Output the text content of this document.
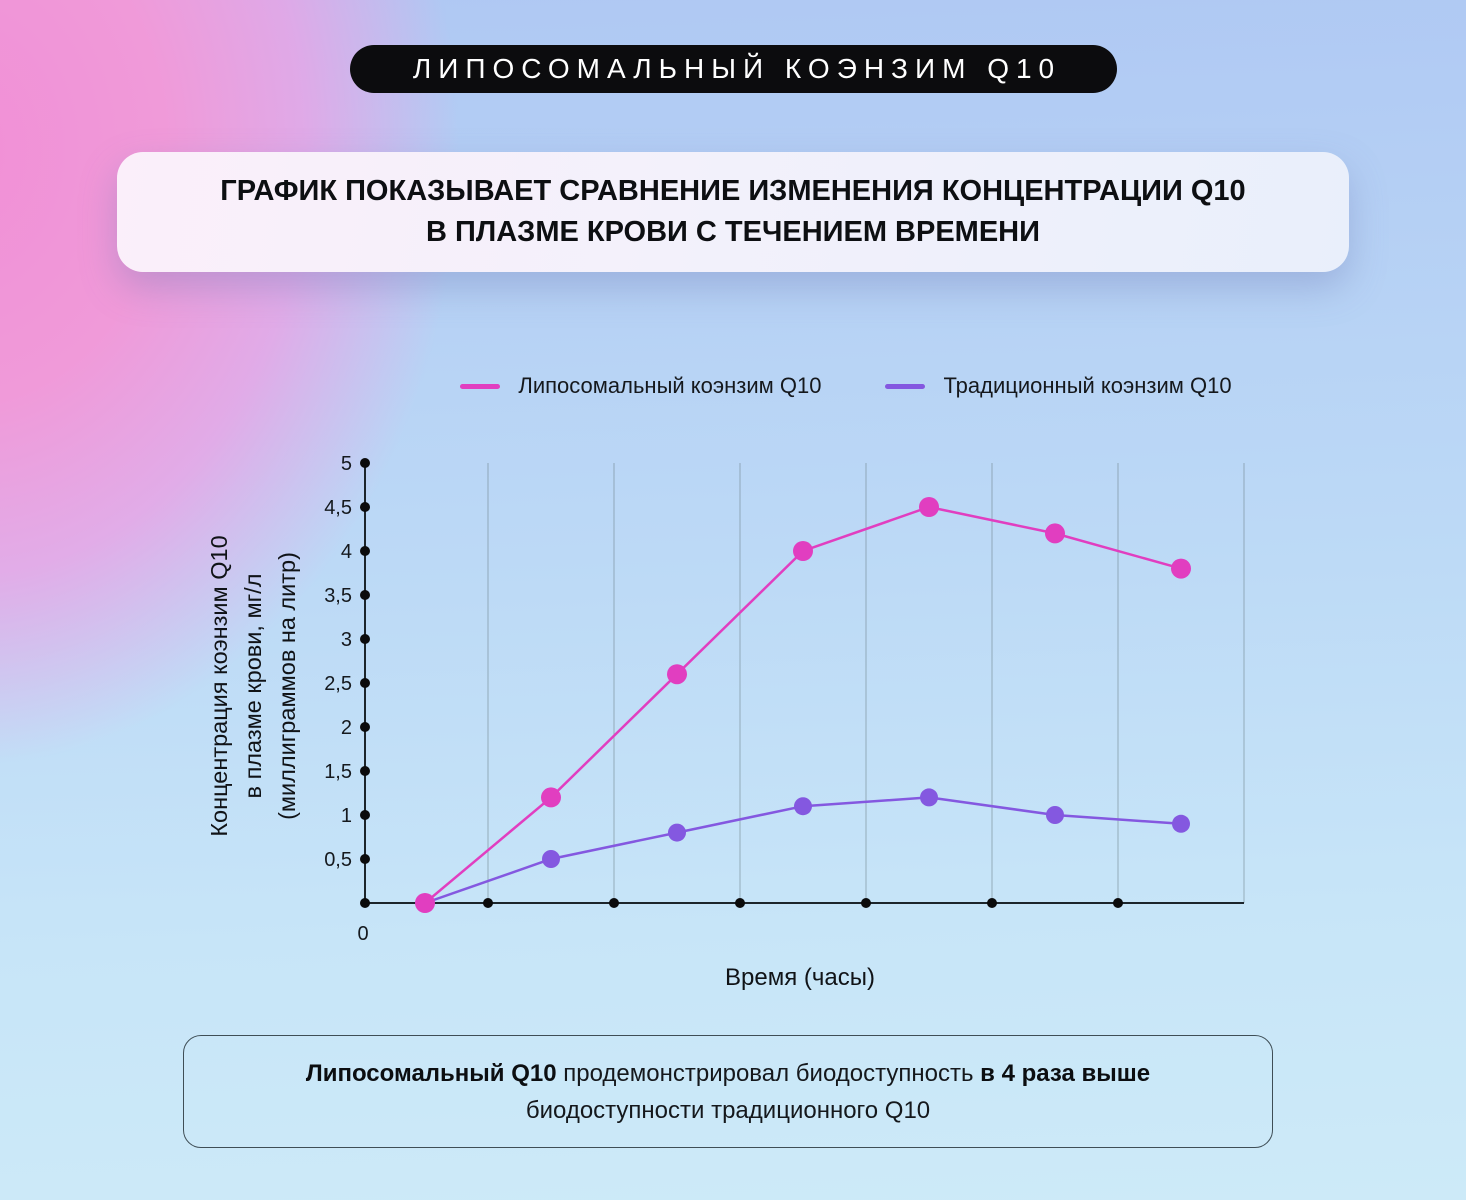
ЛИПОСОМАЛЬНЫЙ КОЭНЗИМ Q10
ГРАФИК ПОКАЗЫВАЕТ СРАВНЕНИЕ ИЗМЕНЕНИЯ КОНЦЕНТРАЦИИ Q10
В ПЛАЗМЕ КРОВИ С ТЕЧЕНИЕМ ВРЕМЕНИ
Липосомальный коэнзим Q10	Традиционный коэнзим Q10
Концентрация коэнзим Q10 в плазме крови, мг/л (миллиграммов на литр)
0
0,5
1
1,5
2
2,5
3
3,5
4
4,5
5
Время (часы)
Липосомальный Q10 продемонстрировал биодоступность в 4 раза выше
биодоступности традиционного Q10
